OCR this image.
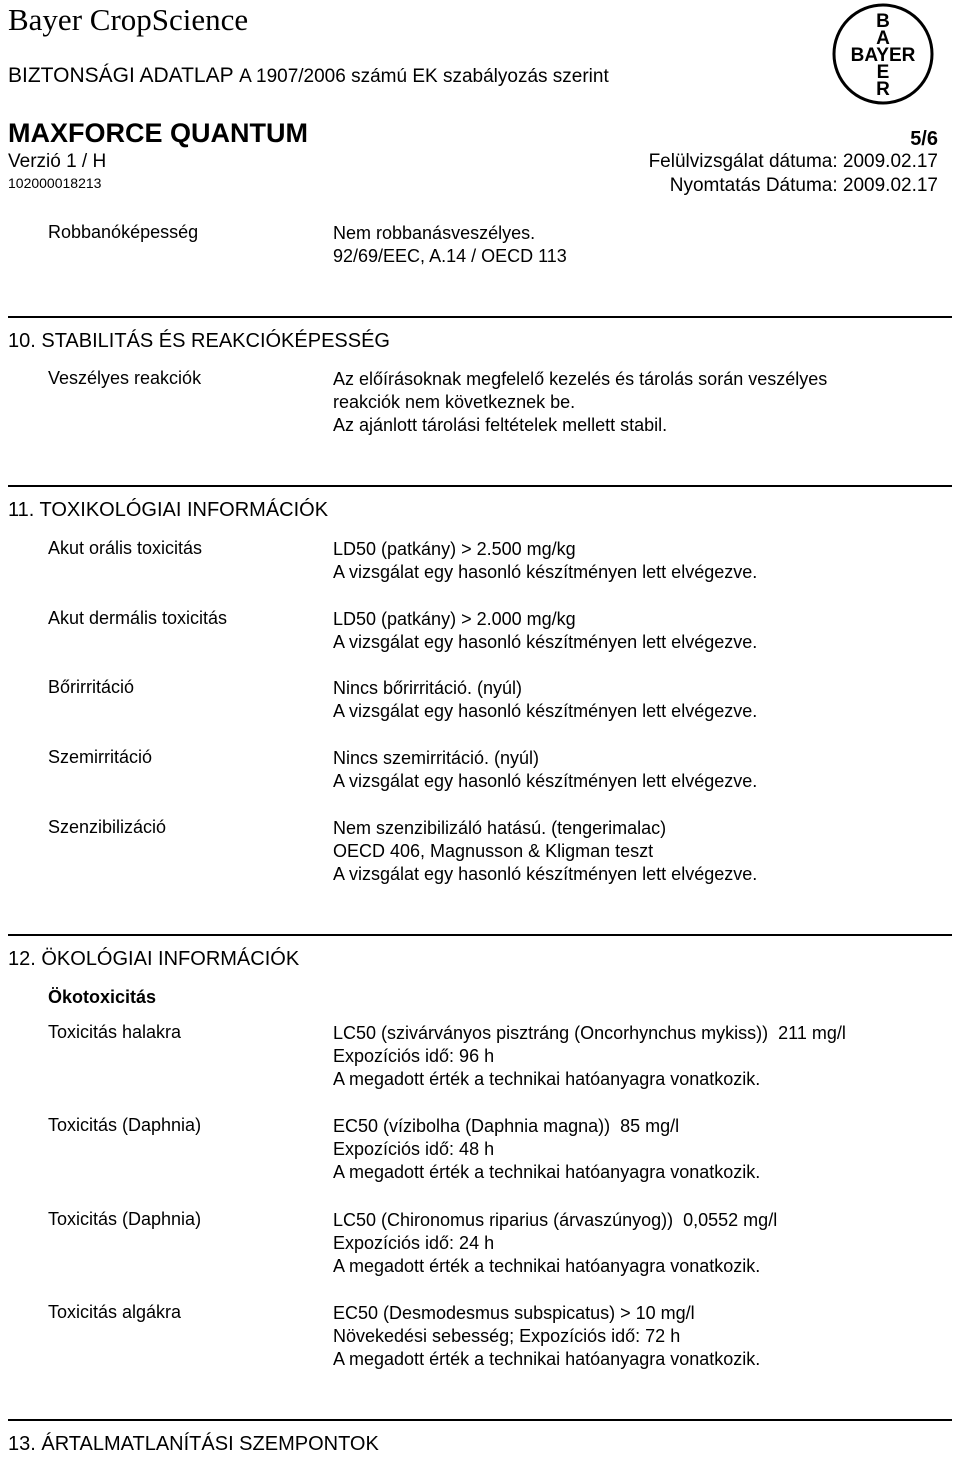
Bayer CropScience
BIZTONSÁGI ADATLAP A 1907/2006 számú EK szabályozás szerint
MAXFORCE QUANTUM
Verzió 1 / H
102000018213
5/6
Felülvizsgálat dátuma: 2009.02.17
Nyomtatás Dátuma: 2009.02.17
B
A
BAYER
E
R
Robbanóképesség	Nem robbanásveszélyes.
92/69/EEC, A.14 / OECD 113
10. STABILITÁS ÉS REAKCIÓKÉPESSÉG
Veszélyes reakciók	Az előírásoknak megfelelő kezelés és tárolás során veszélyes
reakciók nem következnek be.
Az ajánlott tárolási feltételek mellett stabil.
11. TOXIKOLÓGIAI INFORMÁCIÓK
Akut orális toxicitás	LD50 (patkány) > 2.500 mg/kg
A vizsgálat egy hasonló készítményen lett elvégezve.
Akut dermális toxicitás	LD50 (patkány) > 2.000 mg/kg
A vizsgálat egy hasonló készítményen lett elvégezve.
Bőrirritáció	Nincs bőrirritáció. (nyúl)
A vizsgálat egy hasonló készítményen lett elvégezve.
Szemirritáció	Nincs szemirritáció. (nyúl)
A vizsgálat egy hasonló készítményen lett elvégezve.
Szenzibilizáció	Nem szenzibilizáló hatású. (tengerimalac)
OECD 406, Magnusson & Kligman teszt
A vizsgálat egy hasonló készítményen lett elvégezve.
12. ÖKOLÓGIAI INFORMÁCIÓK
Ökotoxicitás
Toxicitás halakra	LC50 (szivárványos pisztráng (Oncorhynchus mykiss))  211 mg/l
Expozíciós idő: 96 h
A megadott érték a technikai hatóanyagra vonatkozik.
Toxicitás (Daphnia)	EC50 (vízibolha (Daphnia magna))  85 mg/l
Expozíciós idő: 48 h
A megadott érték a technikai hatóanyagra vonatkozik.
Toxicitás (Daphnia)	LC50 (Chironomus riparius (árvaszúnyog))  0,0552 mg/l
Expozíciós idő: 24 h
A megadott érték a technikai hatóanyagra vonatkozik.
Toxicitás algákra	EC50 (Desmodesmus subspicatus) > 10 mg/l
Növekedési sebesség; Expozíciós idő: 72 h
A megadott érték a technikai hatóanyagra vonatkozik.
13. ÁRTALMATLANÍTÁSI SZEMPONTOK
